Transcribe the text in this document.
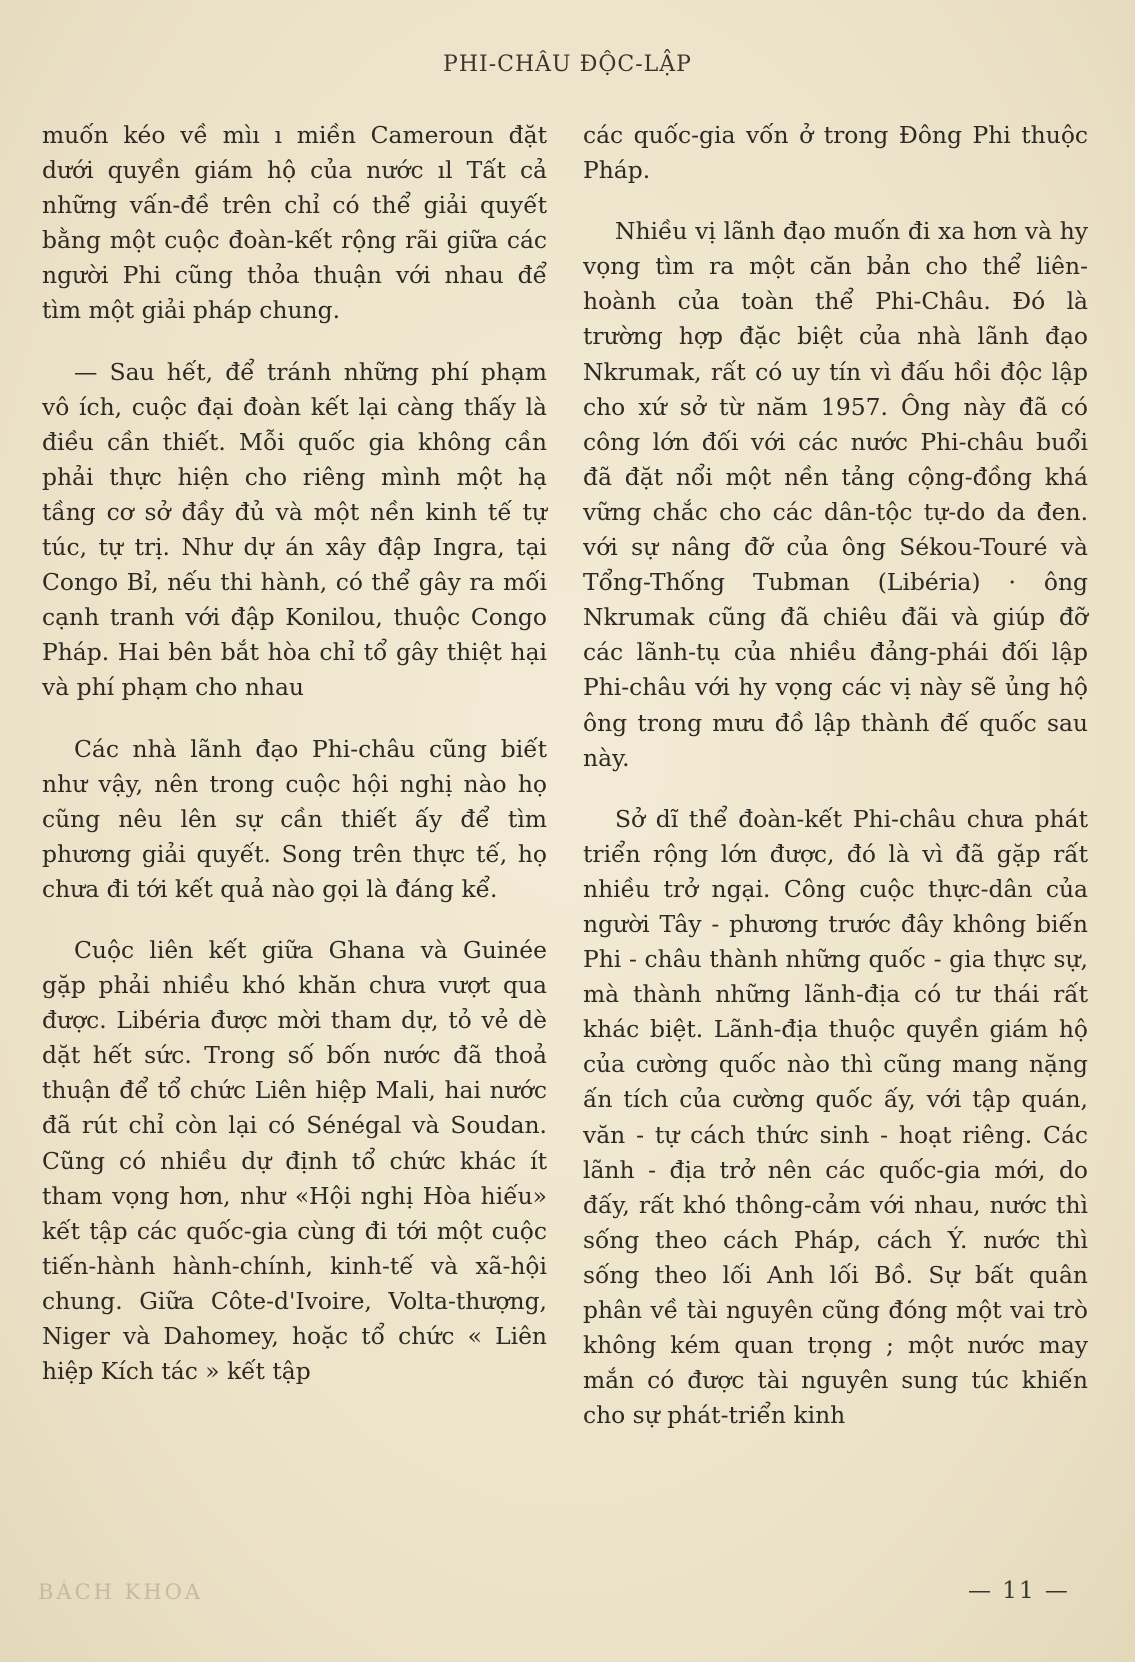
PHI-CHÂU ĐỘC-LẬP

muốn kéo về mìı ı miền Cameroun đặt dưới quyền giám hộ của nước ıl Tất cả những vấn-đề trên chỉ có thể giải quyết bằng một cuộc đoàn-kết rộng rãi giữa các người Phi cũng thỏa thuận với nhau để tìm một giải pháp chung.

— Sau hết, để tránh những phí phạm vô ích, cuộc đại đoàn kết lại càng thấy là điều cần thiết. Mỗi quốc gia không cần phải thực hiện cho riêng mình một hạ tầng cơ sở đầy đủ và một nền kinh tế tự túc, tự trị. Như dự án xây đập Ingra, tại Congo Bỉ, nếu thi hành, có thể gây ra mối cạnh tranh với đập Konilou, thuộc Congo Pháp. Hai bên bắt hòa chỉ tổ gây thiệt hại và phí phạm cho nhau

Các nhà lãnh đạo Phi-châu cũng biết như vậy, nên trong cuộc hội nghị nào họ cũng nêu lên sự cần thiết ấy để tìm phương giải quyết. Song trên thực tế, họ chưa đi tới kết quả nào gọi là đáng kể.

Cuộc liên kết giữa Ghana và Guinée gặp phải nhiều khó khăn chưa vượt qua được. Libéria được mời tham dự, tỏ vẻ dè dặt hết sức. Trong số bốn nước đã thoả thuận để tổ chức Liên hiệp Mali, hai nước đã rút chỉ còn lại có Sénégal và Soudan. Cũng có nhiều dự định tổ chức khác ít tham vọng hơn, như «Hội nghị Hòa hiếu» kết tập các quốc-gia cùng đi tới một cuộc tiến-hành hành-chính, kinh-tế và xã-hội chung. Giữa Côte-d'Ivoire, Volta-thượng, Niger và Dahomey, hoặc tổ chức « Liên hiệp Kích tác » kết tập

các quốc-gia vốn ở trong Đông Phi thuộc Pháp.

Nhiều vị lãnh đạo muốn đi xa hơn và hy vọng tìm ra một căn bản cho thể liên-hoành của toàn thể Phi-Châu. Đó là trường hợp đặc biệt của nhà lãnh đạo Nkrumak, rất có uy tín vì đấu hồi độc lập cho xứ sở từ năm 1957. Ông này đã có công lớn đối với các nước Phi-châu buổi đã đặt nổi một nền tảng cộng-đồng khá vững chắc cho các dân-tộc tự-do da đen. với sự nâng đỡ của ông Sékou-Touré và Tổng-Thống Tubman (Libéria) · ông Nkrumak cũng đã chiêu đãi và giúp đỡ các lãnh-tụ của nhiều đảng-phái đối lập Phi-châu với hy vọng các vị này sẽ ủng hộ ông trong mưu đồ lập thành đế quốc sau này.

Sở dĩ thể đoàn-kết Phi-châu chưa phát triển rộng lớn được, đó là vì đã gặp rất nhiều trở ngại. Công cuộc thực-dân của người Tây - phương trước đây không biến Phi - châu thành những quốc - gia thực sự, mà thành những lãnh-địa có tư thái rất khác biệt. Lãnh-địa thuộc quyền giám hộ của cường quốc nào thì cũng mang nặng ấn tích của cường quốc ấy, với tập quán, văn - tự cách thức sinh - hoạt riêng. Các lãnh - địa trở nên các quốc-gia mới, do đấy, rất khó thông-cảm với nhau, nước thì sống theo cách Pháp, cách Ý. nước thì sống theo lối Anh lối Bồ. Sự bất quân phân về tài nguyên cũng đóng một vai trò không kém quan trọng ; một nước may mắn có được tài nguyên sung túc khiến cho sự phát-triển kinh

BÁCH KHOA	— 11 —
